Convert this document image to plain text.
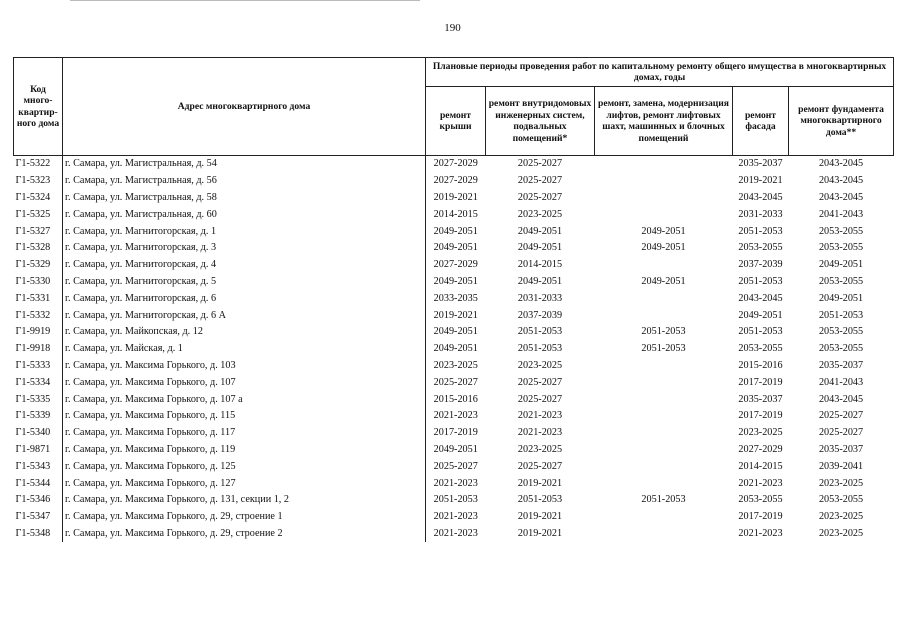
190
Код много-квартир-ного дома	Адрес многоквартирного дома	Плановые периоды проведения работ по капитальному ремонту общего имущества в многоквартирных домах, годы				
		ремонт крыши	ремонт внутридомовых инженерных систем, подвальных помещений*	ремонт, замена, модернизация лифтов, ремонт лифтовых шахт, машинных и блочных помещений	ремонт фасада	ремонт фундамента многоквартирного дома**
Г1-5322	г. Самара, ул. Магистральная, д. 54	2027-2029	2025-2027		2035-2037	2043-2045
Г1-5323	г. Самара, ул. Магистральная, д. 56	2027-2029	2025-2027		2019-2021	2043-2045
Г1-5324	г. Самара, ул. Магистральная, д. 58	2019-2021	2025-2027		2043-2045	2043-2045
Г1-5325	г. Самара, ул. Магистральная, д. 60	2014-2015	2023-2025		2031-2033	2041-2043
Г1-5327	г. Самара, ул. Магнитогорская, д. 1	2049-2051	2049-2051	2049-2051	2051-2053	2053-2055
Г1-5328	г. Самара, ул. Магнитогорская, д. 3	2049-2051	2049-2051	2049-2051	2053-2055	2053-2055
Г1-5329	г. Самара, ул. Магнитогорская, д. 4	2027-2029	2014-2015		2037-2039	2049-2051
Г1-5330	г. Самара, ул. Магнитогорская, д. 5	2049-2051	2049-2051	2049-2051	2051-2053	2053-2055
Г1-5331	г. Самара, ул. Магнитогорская, д. 6	2033-2035	2031-2033		2043-2045	2049-2051
Г1-5332	г. Самара, ул. Магнитогорская, д. 6 А	2019-2021	2037-2039		2049-2051	2051-2053
Г1-9919	г. Самара, ул. Майкопская, д. 12	2049-2051	2051-2053	2051-2053	2051-2053	2053-2055
Г1-9918	г. Самара, ул. Майская, д. 1	2049-2051	2051-2053	2051-2053	2053-2055	2053-2055
Г1-5333	г. Самара, ул. Максима Горького, д. 103	2023-2025	2023-2025		2015-2016	2035-2037
Г1-5334	г. Самара, ул. Максима Горького, д. 107	2025-2027	2025-2027		2017-2019	2041-2043
Г1-5335	г. Самара, ул. Максима Горького, д. 107 а	2015-2016	2025-2027		2035-2037	2043-2045
Г1-5339	г. Самара, ул. Максима Горького, д. 115	2021-2023	2021-2023		2017-2019	2025-2027
Г1-5340	г. Самара, ул. Максима Горького, д. 117	2017-2019	2021-2023		2023-2025	2025-2027
Г1-9871	г. Самара, ул. Максима Горького, д. 119	2049-2051	2023-2025		2027-2029	2035-2037
Г1-5343	г. Самара, ул. Максима Горького, д. 125	2025-2027	2025-2027		2014-2015	2039-2041
Г1-5344	г. Самара, ул. Максима Горького, д. 127	2021-2023	2019-2021		2021-2023	2023-2025
Г1-5346	г. Самара, ул. Максима Горького, д. 131, секции 1, 2	2051-2053	2051-2053	2051-2053	2053-2055	2053-2055
Г1-5347	г. Самара, ул. Максима Горького, д. 29, строение 1	2021-2023	2019-2021		2017-2019	2023-2025
Г1-5348	г. Самара, ул. Максима Горького, д. 29, строение 2	2021-2023	2019-2021		2021-2023	2023-2025
